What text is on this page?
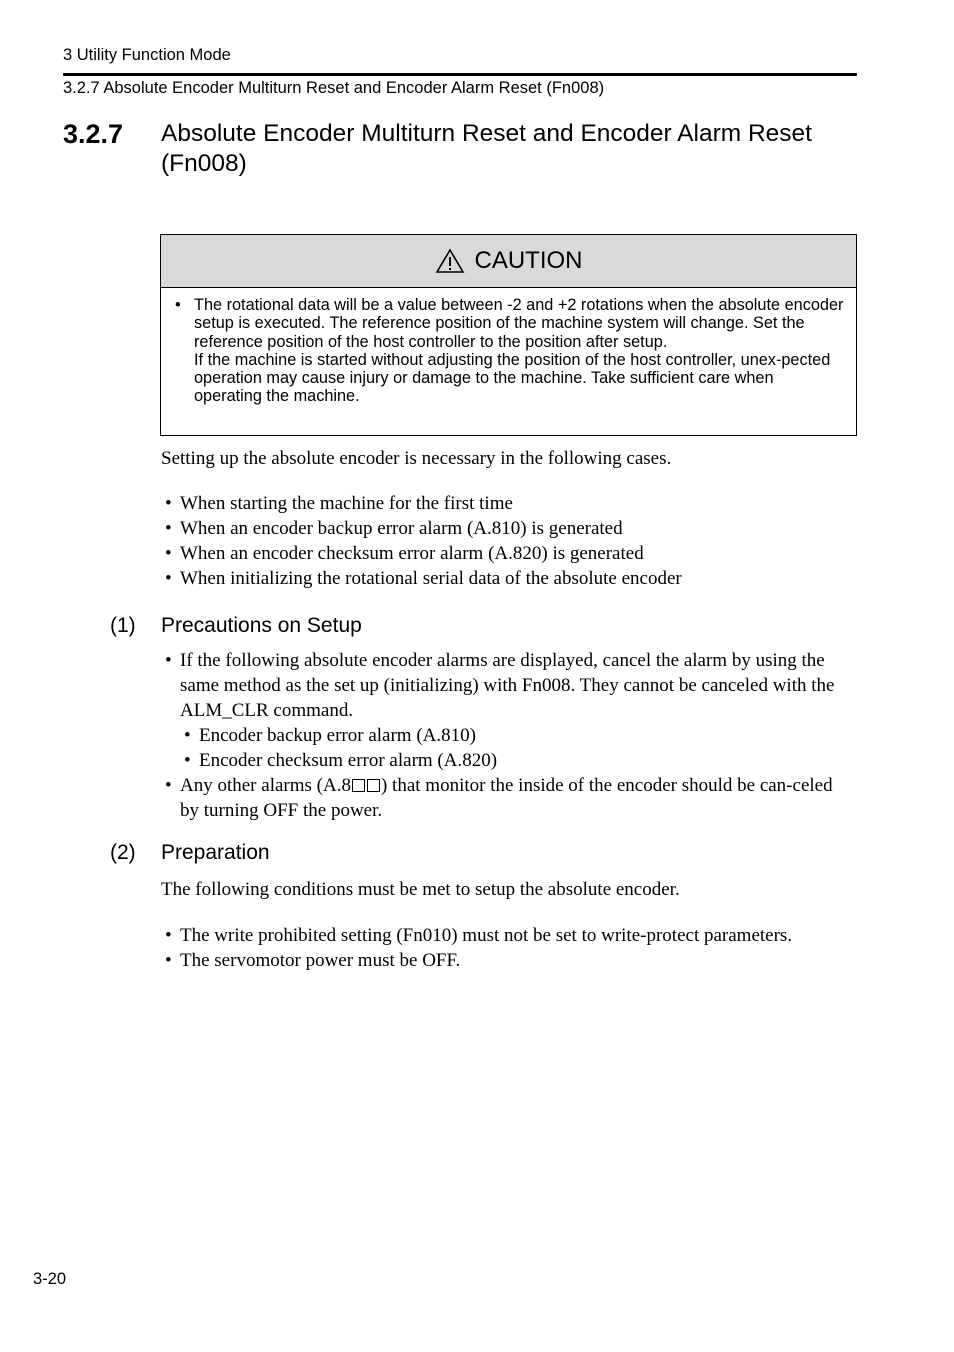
3 Utility Function Mode
3.2.7 Absolute Encoder Multiturn Reset and Encoder Alarm Reset (Fn008)
3.2.7 Absolute Encoder Multiturn Reset and Encoder Alarm Reset (Fn008)
CAUTION
• The rotational data will be a value between -2 and +2 rotations when the absolute encoder setup is executed. The reference position of the machine system will change. Set the reference position of the host controller to the position after setup.
If the machine is started without adjusting the position of the host controller, unex-pected operation may cause injury or damage to the machine. Take sufficient care when operating the machine.
Setting up the absolute encoder is necessary in the following cases.
• When starting the machine for the first time
• When an encoder backup error alarm (A.810) is generated
• When an encoder checksum error alarm (A.820) is generated
• When initializing the rotational serial data of the absolute encoder
(1) Precautions on Setup
• If the following absolute encoder alarms are displayed, cancel the alarm by using the same method as the set up (initializing) with Fn008. They cannot be canceled with the ALM_CLR command.
• Encoder backup error alarm (A.810)
• Encoder checksum error alarm (A.820)
• Any other alarms (A.8 ) that monitor the inside of the encoder should be can-celed by turning OFF the power.
(2) Preparation
The following conditions must be met to setup the absolute encoder.
• The write prohibited setting (Fn010) must not be set to write-protect parameters.
• The servomotor power must be OFF.
3-20
